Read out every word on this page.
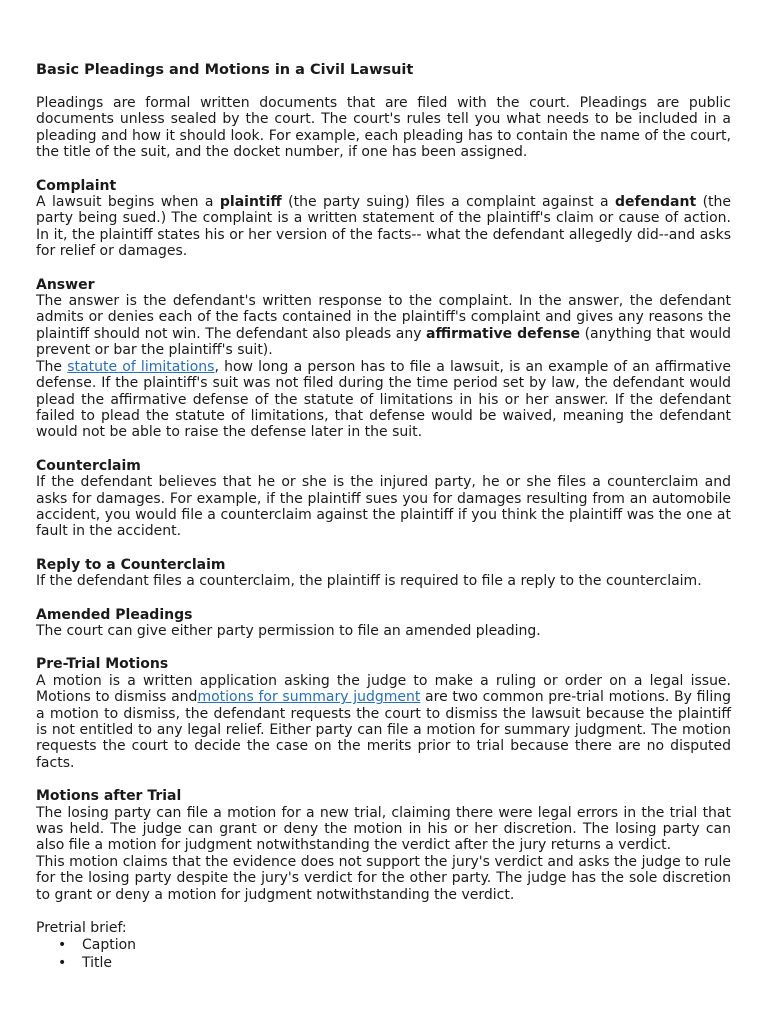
Basic Pleadings and Motions in a Civil Lawsuit

Pleadings are formal written documents that are filed with the court. Pleadings are public documents unless sealed by the court. The court's rules tell you what needs to be included in a pleading and how it should look. For example, each pleading has to contain the name of the court, the title of the suit, and the docket number, if one has been assigned.

Complaint

A lawsuit begins when a plaintiff (the party suing) files a complaint against a defendant (the party being sued.) The complaint is a written statement of the plaintiff's claim or cause of action. In it, the plaintiff states his or her version of the facts-- what the defendant allegedly did--and asks for relief or damages.

Answer

The answer is the defendant's written response to the complaint. In the answer, the defendant admits or denies each of the facts contained in the plaintiff's complaint and gives any reasons the plaintiff should not win. The defendant also pleads any affirmative defense (anything that would prevent or bar the plaintiff's suit).

The statute of limitations, how long a person has to file a lawsuit, is an example of an affirmative defense. If the plaintiff's suit was not filed during the time period set by law, the defendant would plead the affirmative defense of the statute of limitations in his or her answer. If the defendant failed to plead the statute of limitations, that defense would be waived, meaning the defendant would not be able to raise the defense later in the suit.

Counterclaim

If the defendant believes that he or she is the injured party, he or she files a counterclaim and asks for damages. For example, if the plaintiff sues you for damages resulting from an automobile accident, you would file a counterclaim against the plaintiff if you think the plaintiff was the one at fault in the accident.

Reply to a Counterclaim

If the defendant files a counterclaim, the plaintiff is required to file a reply to the counterclaim.

Amended Pleadings

The court can give either party permission to file an amended pleading.

Pre-Trial Motions

A motion is a written application asking the judge to make a ruling or order on a legal issue. Motions to dismiss andmotions for summary judgment are two common pre-trial motions. By filing a motion to dismiss, the defendant requests the court to dismiss the lawsuit because the plaintiff is not entitled to any legal relief. Either party can file a motion for summary judgment. The motion requests the court to decide the case on the merits prior to trial because there are no disputed facts.

Motions after Trial

The losing party can file a motion for a new trial, claiming there were legal errors in the trial that was held. The judge can grant or deny the motion in his or her discretion. The losing party can also file a motion for judgment notwithstanding the verdict after the jury returns a verdict.

This motion claims that the evidence does not support the jury's verdict and asks the judge to rule for the losing party despite the jury's verdict for the other party. The judge has the sole discretion to grant or deny a motion for judgment notwithstanding the verdict.

Pretrial brief:

• Caption
• Title
